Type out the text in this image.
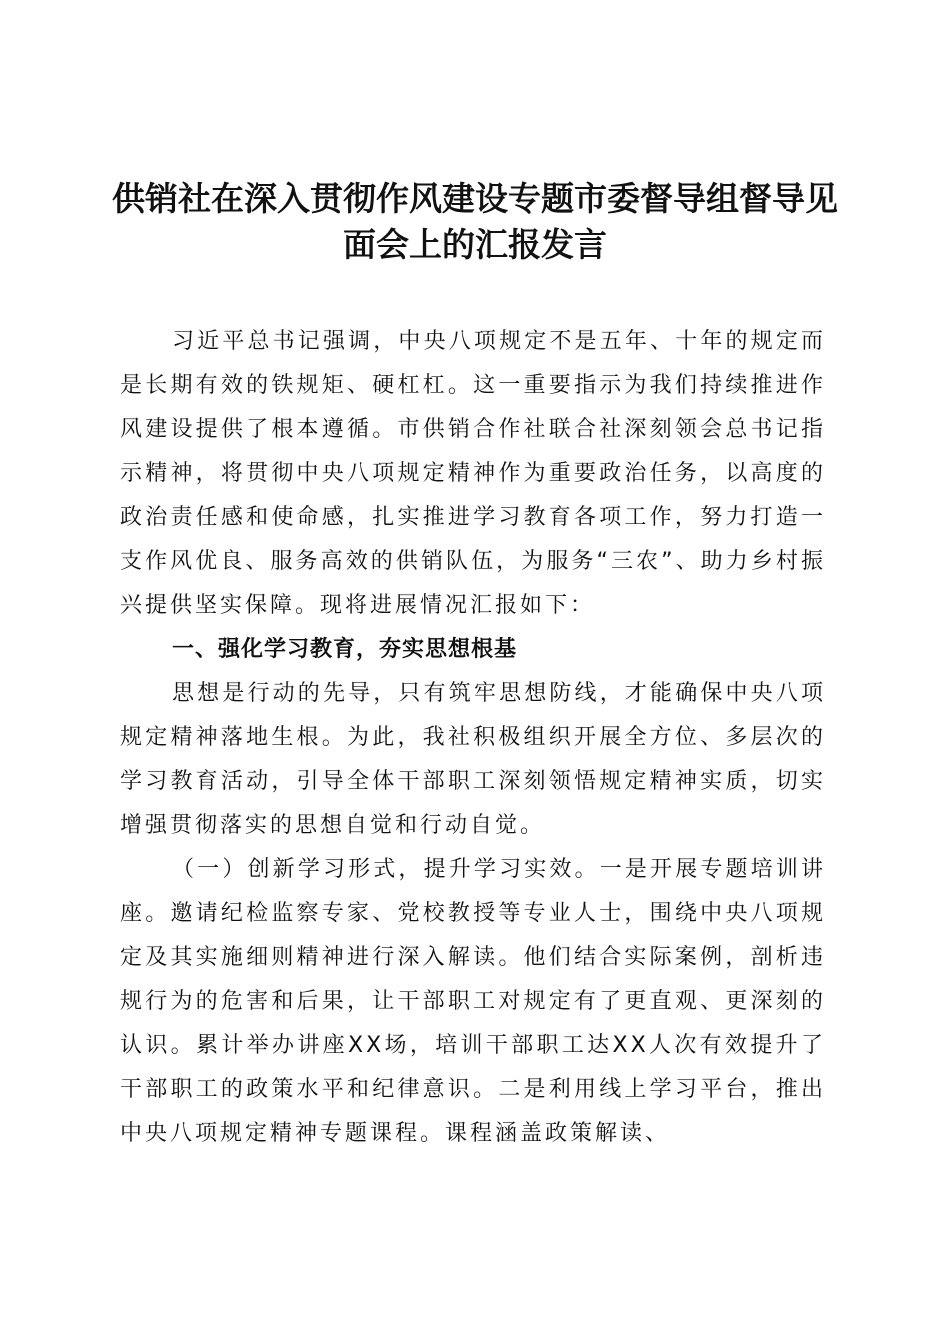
供销社在深入贯彻作风建设专题市委督导组督导见面会上的汇报发言

习近平总书记强调，中央八项规定不是五年、十年的规定而是长期有效的铁规矩、硬杠杠。这一重要指示为我们持续推进作风建设提供了根本遵循。市供销合作社联合社深刻领会总书记指示精神，将贯彻中央八项规定精神作为重要政治任务，以高度的政治责任感和使命感，扎实推进学习教育各项工作，努力打造一支作风优良、服务高效的供销队伍，为服务“三农”、助力乡村振兴提供坚实保障。现将进展情况汇报如下：

一、强化学习教育，夯实思想根基

思想是行动的先导，只有筑牢思想防线，才能确保中央八项规定精神落地生根。为此，我社积极组织开展全方位、多层次的学习教育活动，引导全体干部职工深刻领悟规定精神实质，切实增强贯彻落实的思想自觉和行动自觉。

（一）创新学习形式，提升学习实效。一是开展专题培训讲座。邀请纪检监察专家、党校教授等专业人士，围绕中央八项规定及其实施细则精神进行深入解读。他们结合实际案例，剖析违规行为的危害和后果，让干部职工对规定有了更直观、更深刻的认识。累计举办讲座XX场，培训干部职工达XX人次有效提升了干部职工的政策水平和纪律意识。二是利用线上学习平台，推出中央八项规定精神专题课程。课程涵盖政策解读、
